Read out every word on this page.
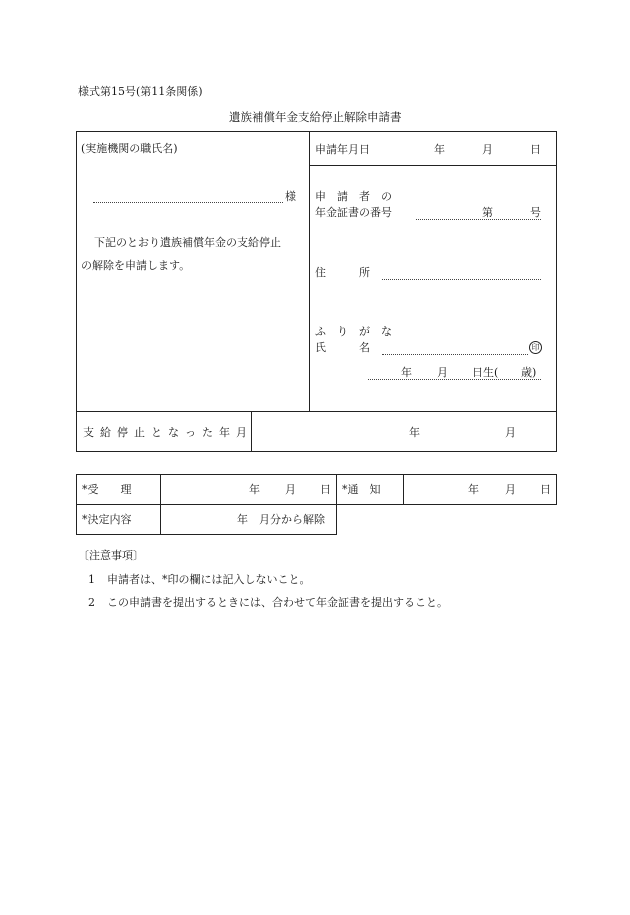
様式第15号(第11条関係)
遺族補償年金支給停止解除申請書
(実施機関の職氏名)
様
下記のとおり遺族補償年金の支給停止
の解除を申請します。
申請年月日	年	月	日
申　請　者　の
年金証書の番号	第	号
住　　　所
ふ　り　が　な
氏　　　名	印
年 月 日生( 歳)
支給停止となった年月	年	月
*受　　理	年 月 日 *通　知	年 月 日
*決定内容	年　月分から解除
〔注意事項〕
1 申請者は、*印の欄には記入しないこと。
2 この申請書を提出するときには、合わせて年金証書を提出すること。
